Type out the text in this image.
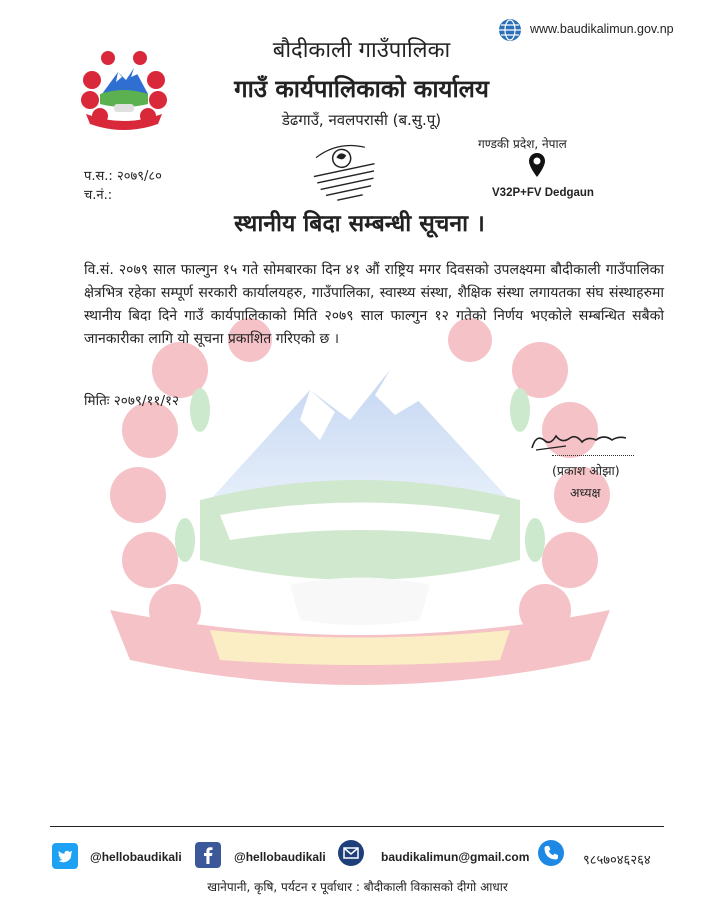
बौदीकाली गाउँपालिका
गाउँ कार्यपालिकाको कार्यालय
डेढगाउँ, नवलपरासी (ब.सु.पू)
www.baudikalimun.gov.np
गण्डकी प्रदेश, नेपाल
V32P+FV Dedgaun
प.स.: २०७९/८०
च.नं.:
स्थानीय बिदा सम्बन्धी सूचना ।

वि.सं. २०७९ साल फाल्गुन १५ गते सोमबारका दिन ४१ औं राष्ट्रिय मगर दिवसको उपलक्ष्यमा बौदीकाली गाउँपालिका क्षेत्रभित्र रहेका सम्पूर्ण सरकारी कार्यालयहरु, गाउँपालिका, स्वास्थ्य संस्था, शैक्षिक संस्था लगायतका संघ संस्थाहरुमा स्थानीय बिदा दिने गाउँ कार्यपालिकाको मिति २०७९ साल फाल्गुन १२ गतेको निर्णय भएकोले सम्बन्धित सबैको जानकारीका लागि यो सूचना प्रकाशित गरिएको छ ।

मितिः २०७९/११/१२
(प्रकाश ओझा)
अध्यक्ष
@hellobaudikali	@hellobaudikali	baudikalimun@gmail.com	९८५७०४६२६४
खानेपानी, कृषि, पर्यटन र पूर्वाधार : बौदीकाली विकासको दीगो आधार
